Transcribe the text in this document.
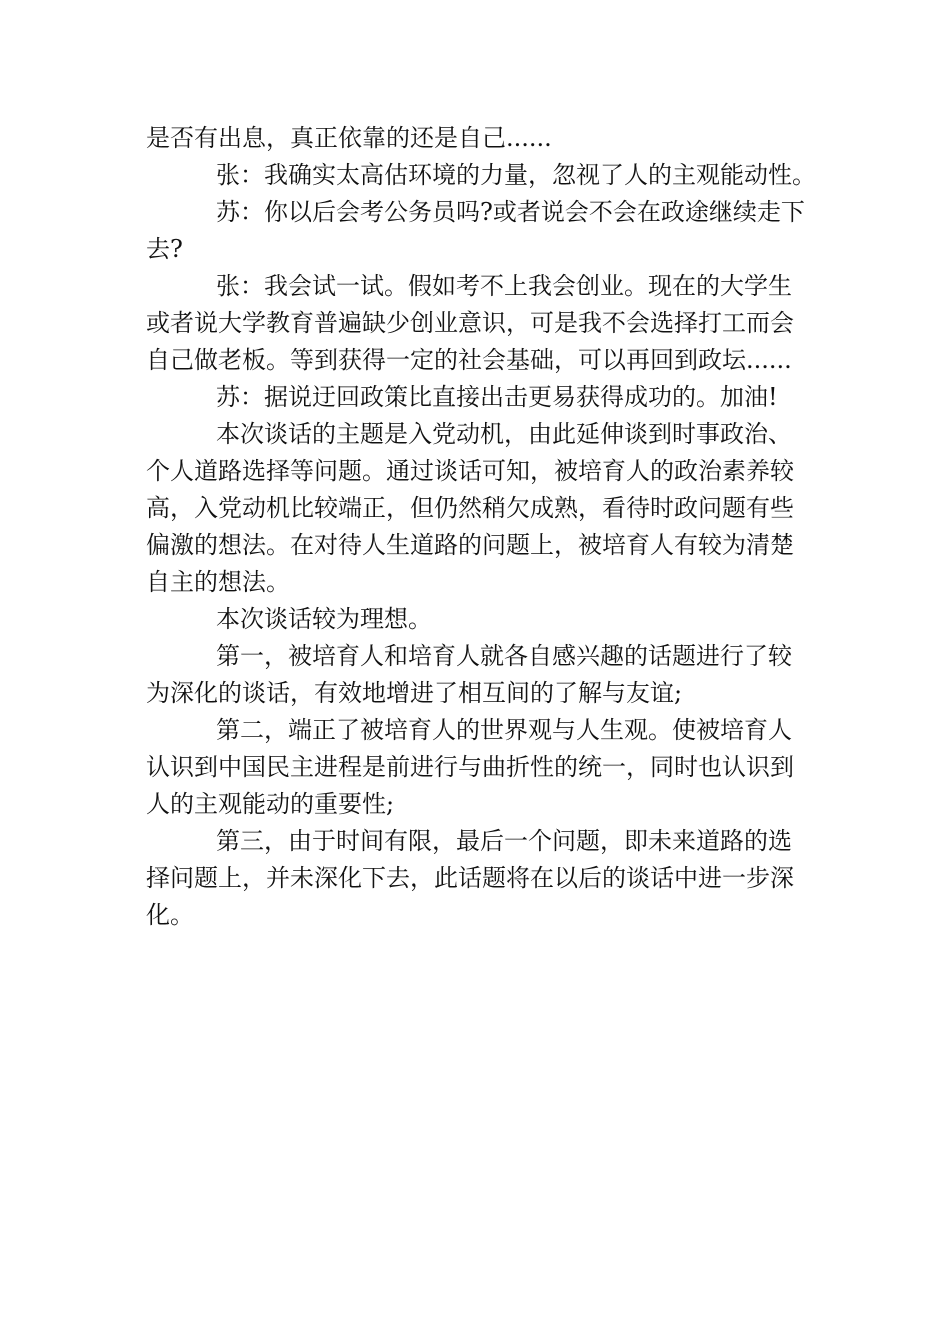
是否有出息，真正依靠的还是自己......
张：我确实太高估环境的力量，忽视了人的主观能动性。
苏：你以后会考公务员吗?或者说会不会在政途继续走下
去?
张：我会试一试。假如考不上我会创业。现在的大学生
或者说大学教育普遍缺少创业意识，可是我不会选择打工而会
自己做老板。等到获得一定的社会基础，可以再回到政坛......
苏：据说迂回政策比直接出击更易获得成功的。加油!
本次谈话的主题是入党动机，由此延伸谈到时事政治、
个人道路选择等问题。通过谈话可知，被培育人的政治素养较
高，入党动机比较端正，但仍然稍欠成熟，看待时政问题有些
偏激的想法。在对待人生道路的问题上，被培育人有较为清楚
自主的想法。
本次谈话较为理想。
第一，被培育人和培育人就各自感兴趣的话题进行了较
为深化的谈话，有效地增进了相互间的了解与友谊;
第二，端正了被培育人的世界观与人生观。使被培育人
认识到中国民主进程是前进行与曲折性的统一，同时也认识到
人的主观能动的重要性;
第三，由于时间有限，最后一个问题，即未来道路的选
择问题上，并未深化下去，此话题将在以后的谈话中进一步深
化。
